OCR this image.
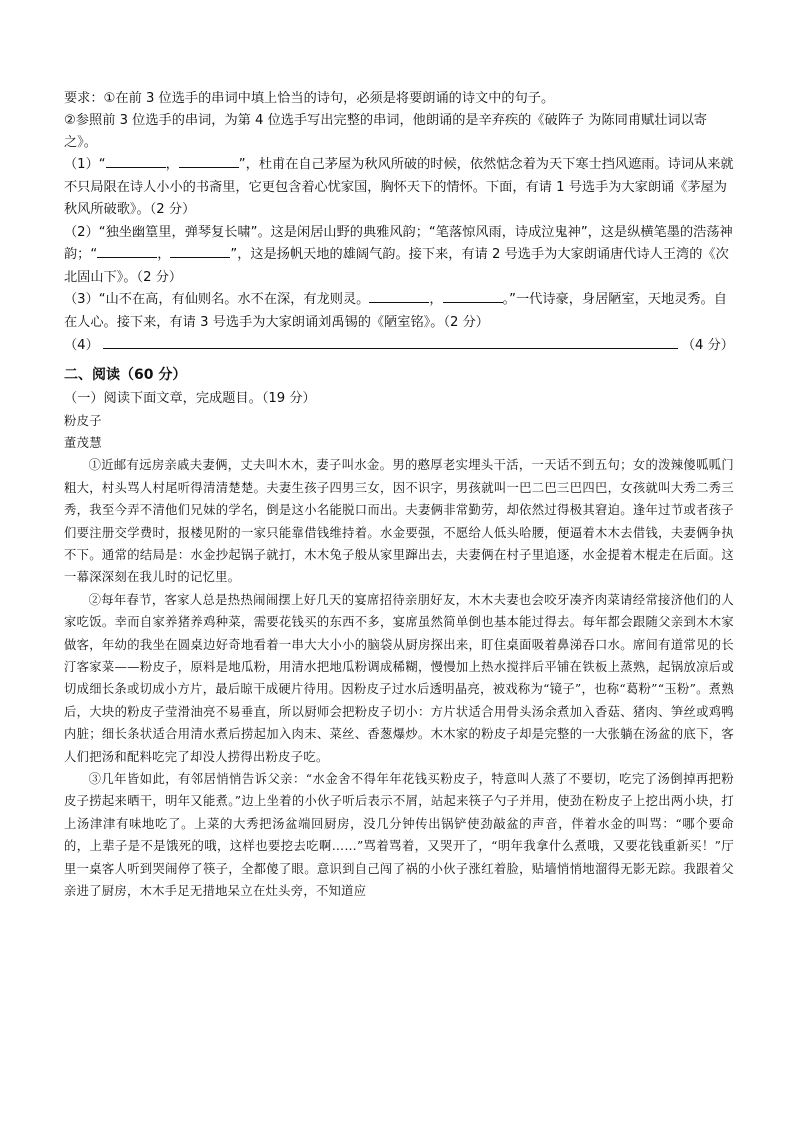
要求：①在前 3 位选手的串词中填上恰当的诗句，必须是将要朗诵的诗文中的句子。

②参照前 3 位选手的串词，为第 4 位选手写出完整的串词，他朗诵的是辛弃疾的《破阵子 为陈同甫赋壮词以寄之》。

（1）“	，	”，杜甫在自己茅屋为秋风所破的时候，依然惦念着为天下寒士挡风遮雨。诗词从来就不只局限在诗人小小的书斋里，它更包含着心忧家国，胸怀天下的情怀。下面，有请 1 号选手为大家朗诵《茅屋为秋风所破歌》。（2 分）

（2）“独坐幽篁里，弹琴复长啸”。这是闲居山野的典雅风韵；“笔落惊风雨，诗成泣鬼神”，这是纵横笔墨的浩荡神韵；“	，	”，这是扬帆天地的雄阔气韵。接下来，有请 2 号选手为大家朗诵唐代诗人王湾的《次北固山下》。（2 分）

（3）“山不在高，有仙则名。水不在深，有龙则灵。	，	。”一代诗豪，身居陋室，天地灵秀。自在人心。接下来，有请 3 号选手为大家朗诵刘禹锡的《陋室铭》。（2 分）

（4）	（4 分）

二、阅读（60 分）

（一）阅读下面文章，完成题目。（19 分）

粉皮子

董茂慧

①近邮有远房亲戚夫妻俩，丈夫叫木木，妻子叫水金。男的憨厚老实埋头干活，一天话不到五句；女的泼辣傻呱呱门粗大，村头骂人村尾听得清清楚楚。夫妻生孩子四男三女，因不识字，男孩就叫一巴二巴三巴四巴，女孩就叫大秀二秀三秀，我至今弄不清他们兄妹的学名，倒是这小名能脱口而出。夫妻俩非常勤劳，却依然过得极其窘迫。逢年过节或者孩子们要注册交学费时，报楼见附的一家只能靠借钱维持着。水金要强，不愿给人低头哈腰，便逼着木木去借钱，夫妻俩争执不下。通常的结局是：水金抄起锅子就打，木木兔子般从家里蹿出去，夫妻俩在村子里追逐，水金提着木棍走在后面。这一幕深深刻在我儿时的记忆里。

②每年春节，客家人总是热热闹闹摆上好几天的宴席招待亲朋好友，木木夫妻也会咬牙凑齐肉菜请经常接济他们的人家吃饭。幸而自家养猪养鸡种菜，需要花钱买的东西不多，宴席虽然简单倒也基本能过得去。每年都会跟随父亲到木木家做客，年幼的我坐在圆桌边好奇地看着一串大大小小的脑袋从厨房探出来，盯住桌面吸着鼻涕吞口水。席间有道常见的长汀客家菜——粉皮子，原料是地瓜粉，用清水把地瓜粉调成稀糊，慢慢加上热水搅拌后平铺在铁板上蒸熟，起锅放凉后或切成细长条或切成小方片，最后晾干成硬片待用。因粉皮子过水后透明晶亮，被戏称为“镜子”，也称“葛粉”“玉粉”。煮熟后，大块的粉皮子莹滑油亮不易垂直，所以厨师会把粉皮子切小：方片状适合用骨头汤余煮加入香菇、猪肉、笋丝或鸡鸭内脏；细长条状适合用清水煮后捞起加入肉末、菜丝、香葱爆炒。木木家的粉皮子却是完整的一大张躺在汤盆的底下，客人们把汤和配料吃完了却没人捞得出粉皮子吃。

③几年皆如此，有邻居悄悄告诉父亲：“水金舍不得年年花钱买粉皮子，特意叫人蒸了不要切，吃完了汤倒掉再把粉皮子捞起来晒干，明年又能煮。”边上坐着的小伙子听后表示不屑，站起来筷子勺子并用，使劲在粉皮子上挖出两小块，打上汤津津有味地吃了。上菜的大秀把汤盆端回厨房，没几分钟传出锅铲使劲敲盆的声音，伴着水金的叫骂：“哪个要命的，上辈子是不是饿死的哦，这样也要挖去吃啊……”骂着骂着，又哭开了，“明年我拿什么煮哦，又要花钱重新买！”厅里一桌客人听到哭闹停了筷子，全都傻了眼。意识到自己闯了祸的小伙子涨红着脸，贴墙悄悄地溜得无影无踪。我跟着父亲进了厨房，木木手足无措地呆立在灶头旁，不知道应
